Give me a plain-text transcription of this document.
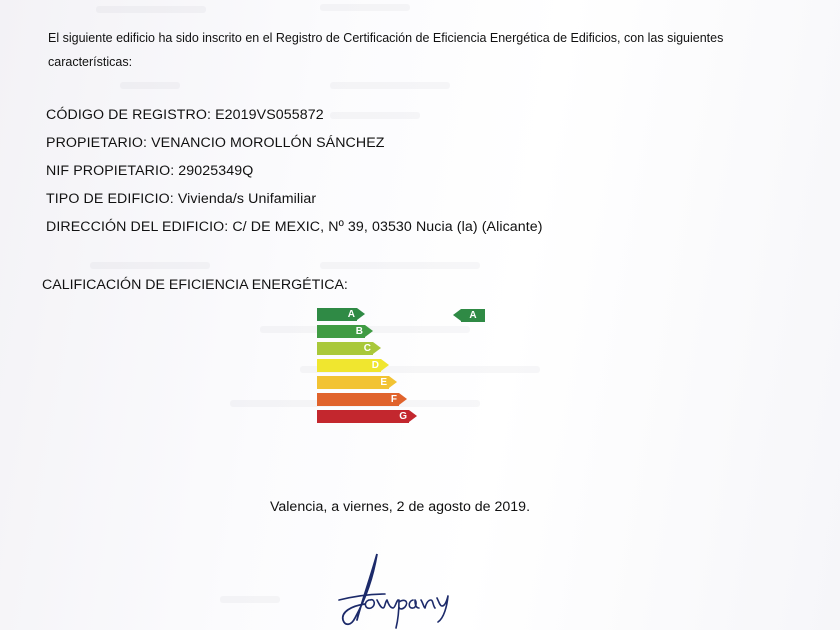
El siguiente edificio ha sido inscrito en el Registro de Certificación de Eficiencia Energética de Edificios, con las siguientes características:
CÓDIGO DE REGISTRO: E2019VS055872
PROPIETARIO: VENANCIO MOROLLÓN SÁNCHEZ
NIF PROPIETARIO: 29025349Q
TIPO DE EDIFICIO: Vivienda/s Unifamiliar
DIRECCIÓN DEL EDIFICIO: C/ DE MEXIC, Nº 39, 03530 Nucia (la) (Alicante)
CALIFICACIÓN DE EFICIENCIA ENERGÉTICA:
A
B
C
D
E
F
G
A
Valencia, a viernes, 2 de agosto de 2019.
